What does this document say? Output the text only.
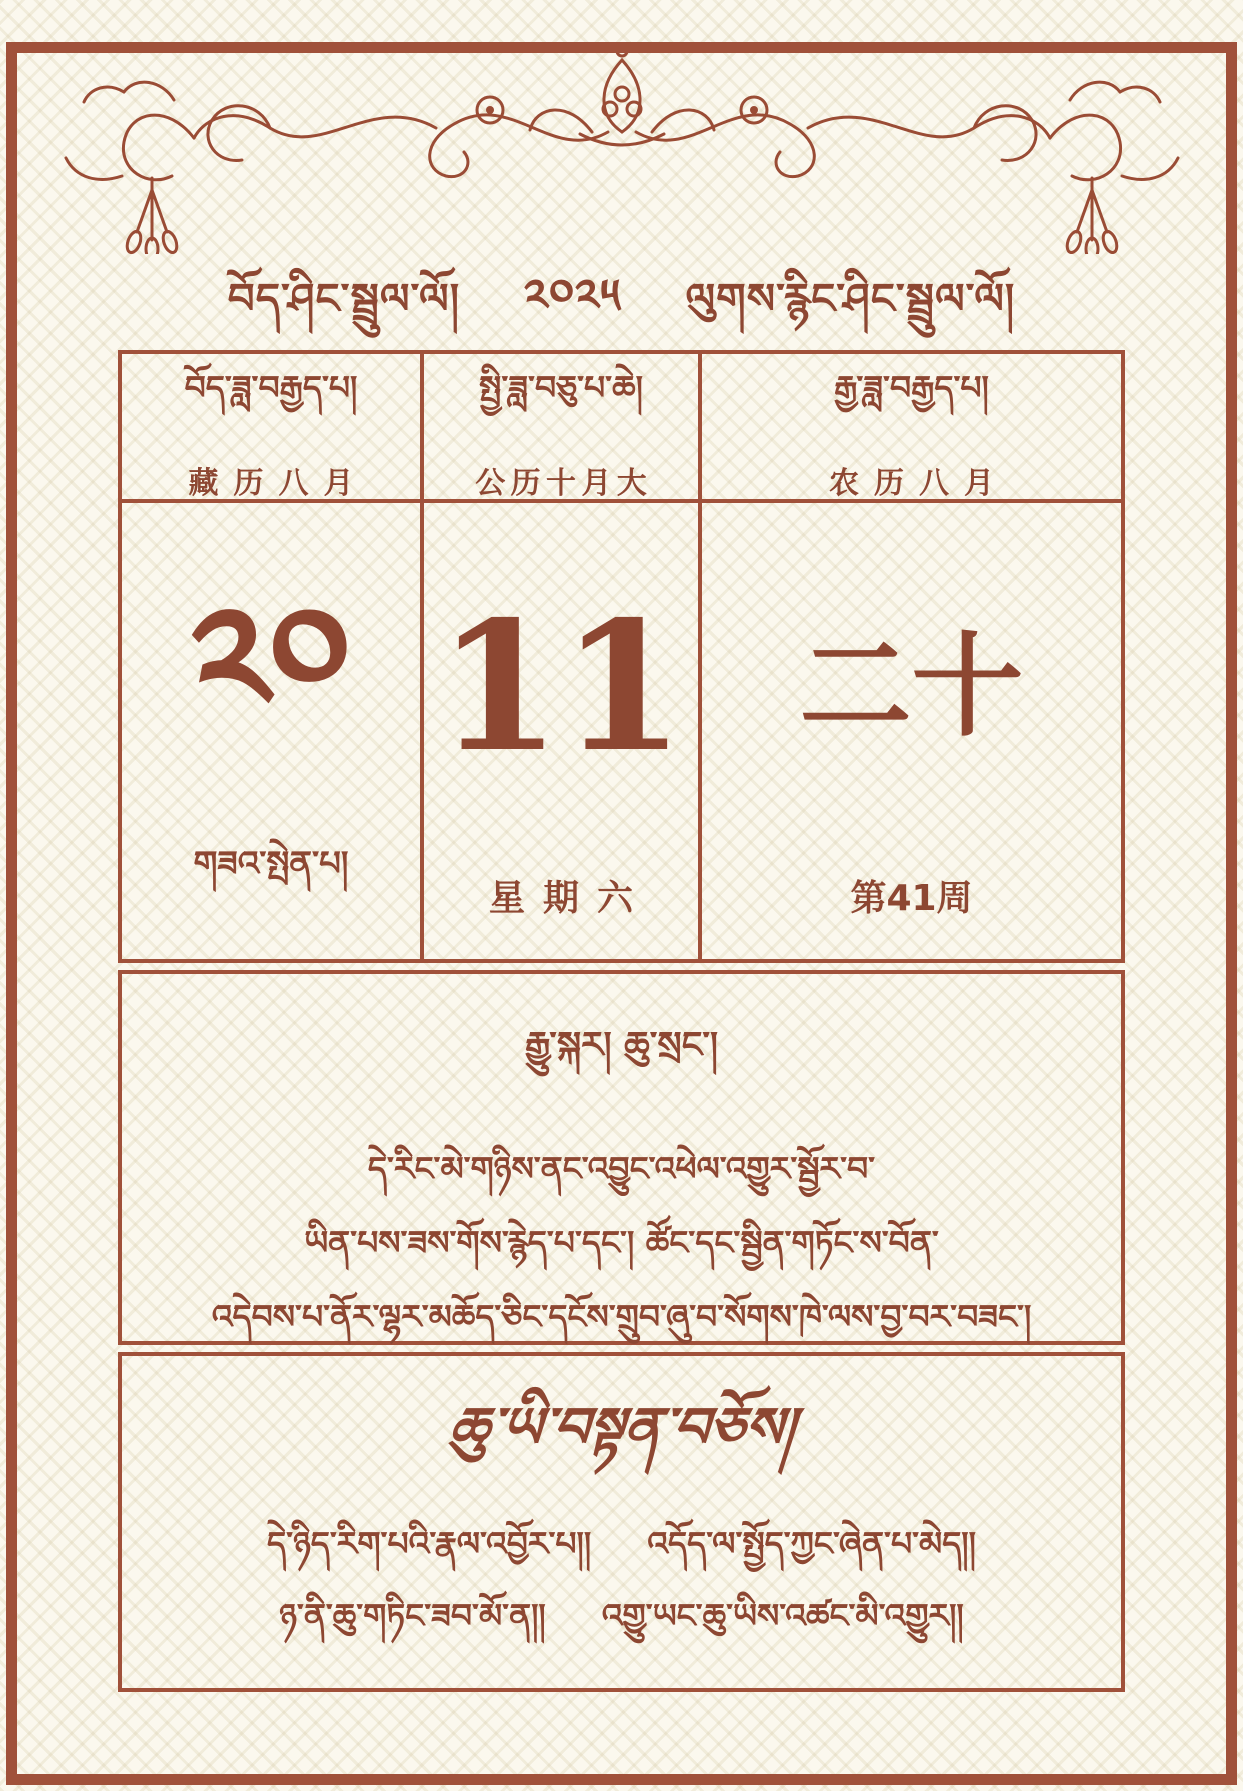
བོད་ཤིང་སྦྲུལ་ལོ། ༢༠༢༥ ལུགས་རྙིང་ཤིང་སྦྲུལ་ལོ།
བོད་ཟླ་བརྒྱད་པ།
藏历八月
སྤྱི་ཟླ་བཅུ་པ་ཆེ།
公历十月大
རྒྱ་ཟླ་བརྒྱད་པ།
农历八月
༢༠
གཟའ་སྤེན་པ།
11
星期六
二十
第41周
རྒྱུ་སྐར། ཆུ་སྲང་།
དེ་རིང་མེ་གཉིས་ནང་འབྱུང་འཕེལ་འགྱུར་སྦྱོར་བ་
ཡིན་པས་ཟས་གོས་རྙེད་པ་དང་། ཚོང་དང་སྦྱིན་གཏོང་ས་བོན་
འདེབས་པ་ནོར་ལྷར་མཆོད་ཅིང་དངོས་གྲུབ་ཞུ་བ་སོགས་ཁེ་ལས་བྱ་བར་བཟང་།
ཆུ་ཡི་བསྟན་བཅོས།
དེ་ཉིད་རིག་པའི་རྣལ་འབྱོར་པ།། འདོད་ལ་སྤྱོད་ཀྱང་ཞེན་པ་མེད།།
ཉ་ནི་ཆུ་གཏིང་ཟབ་མོ་ན།། འགྱུ་ཡང་ཆུ་ཡིས་འཚང་མི་འགྱུར།།
